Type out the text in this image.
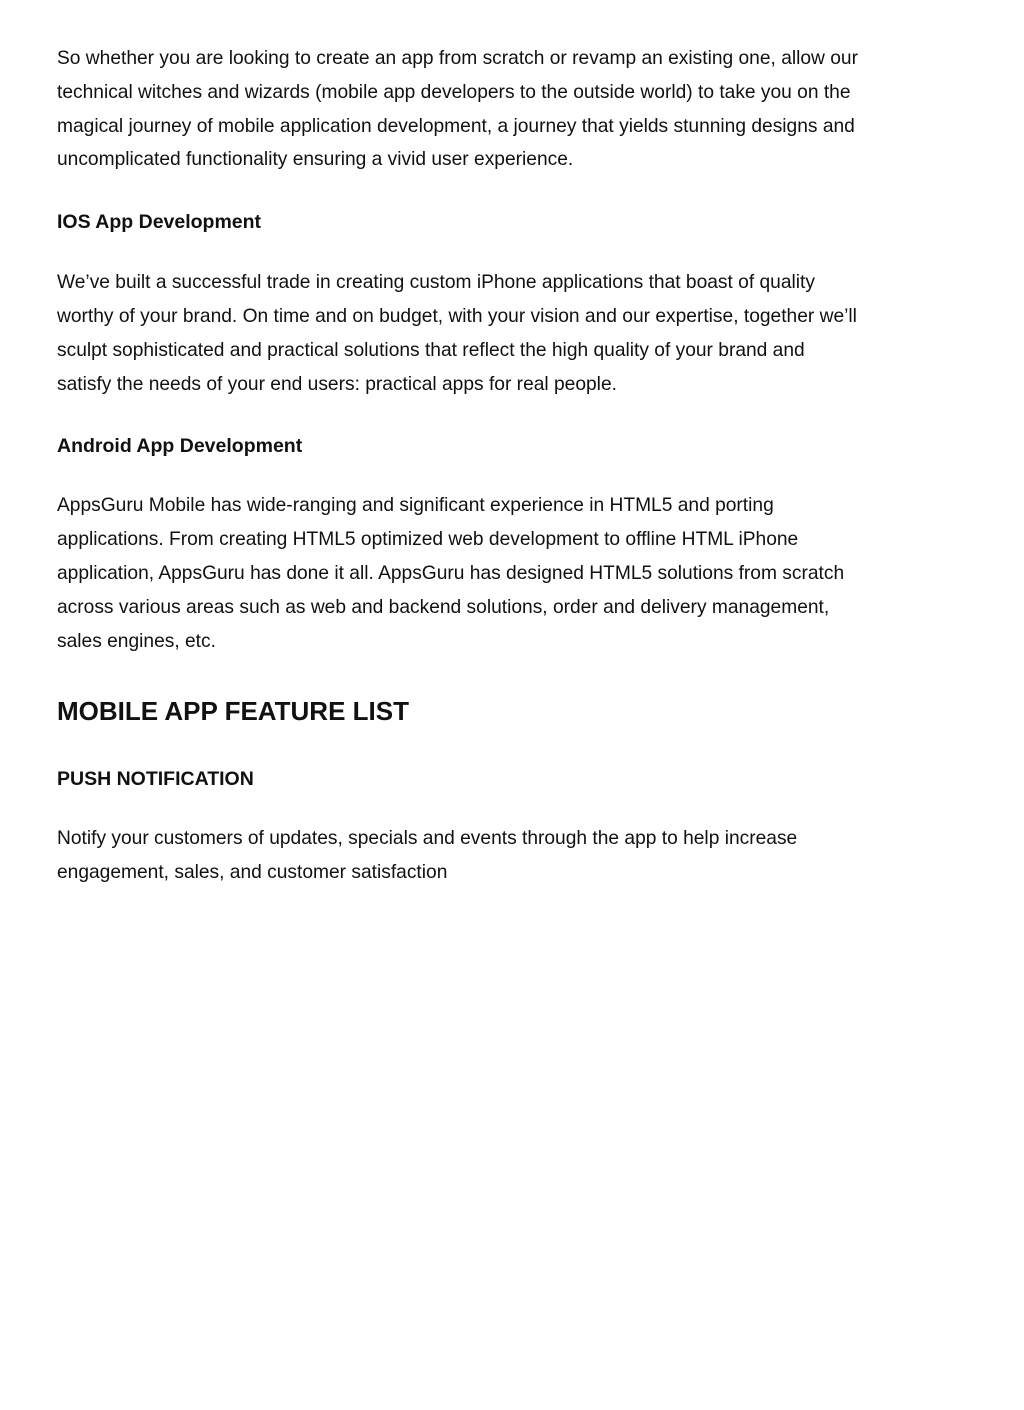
So whether you are looking to create an app from scratch or revamp an existing one, allow our
technical witches and wizards (mobile app developers to the outside world) to take you on the
magical journey of mobile application development, a journey that yields stunning designs and
uncomplicated functionality ensuring a vivid user experience.

IOS App Development

We’ve built a successful trade in creating custom iPhone applications that boast of quality
worthy of your brand. On time and on budget, with your vision and our expertise, together we’ll
sculpt sophisticated and practical solutions that reflect the high quality of your brand and
satisfy the needs of your end users: practical apps for real people.

Android App Development

AppsGuru Mobile has wide-ranging and significant experience in HTML5 and porting
applications. From creating HTML5 optimized web development to offline HTML iPhone
application, AppsGuru has done it all. AppsGuru has designed HTML5 solutions from scratch
across various areas such as web and backend solutions, order and delivery management,
sales engines, etc.

MOBILE APP FEATURE LIST
PUSH NOTIFICATION

Notify your customers of updates, specials and events through the app to help increase
engagement, sales, and customer satisfaction
